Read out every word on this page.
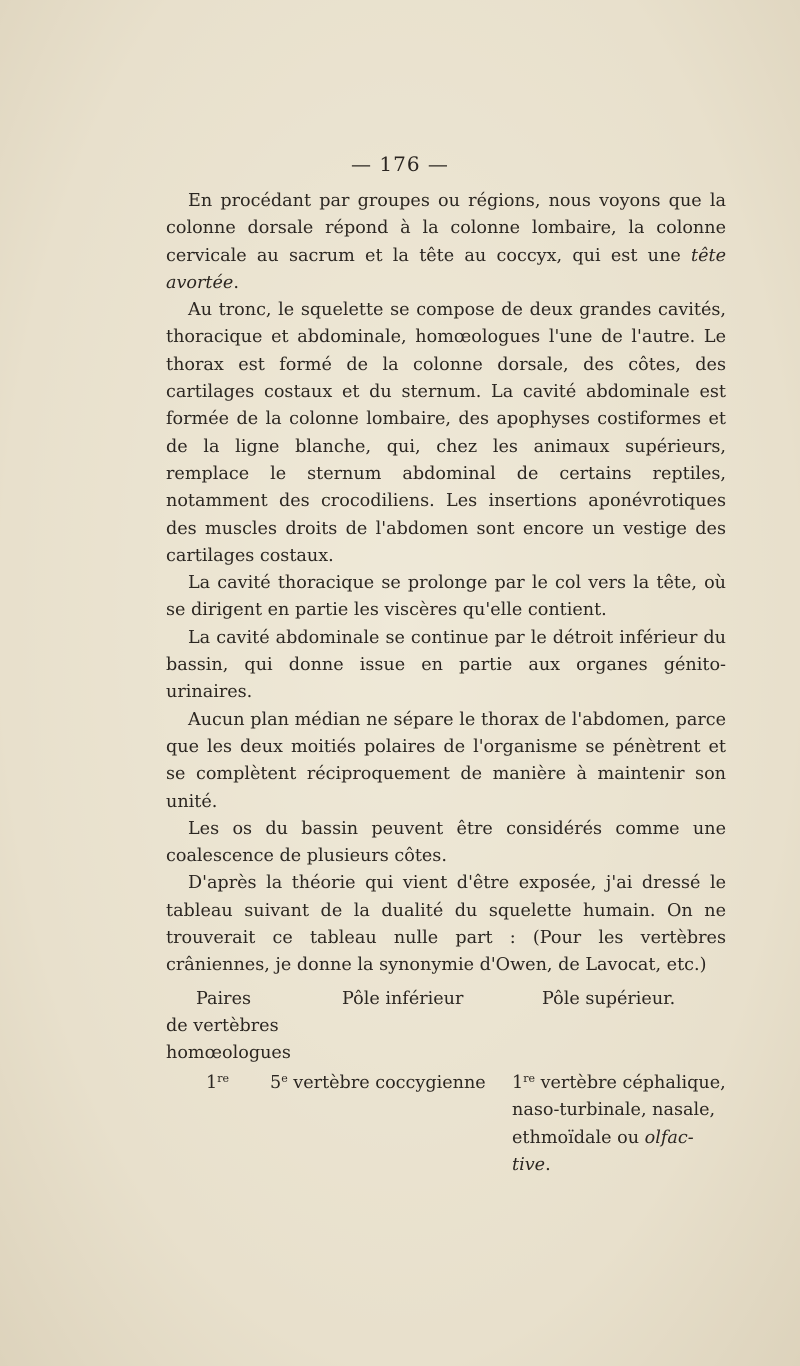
— 176 —

En procédant par groupes ou régions, nous voyons que la colonne dorsale répond à la colonne lombaire, la colonne cervicale au sacrum et la tête au coccyx, qui est une tête avortée.

Au tronc, le squelette se compose de deux grandes cavités, thoracique et abdominale, homœologues l'une de l'autre. Le thorax est formé de la colonne dorsale, des côtes, des cartilages costaux et du sternum. La cavité abdominale est formée de la colonne lombaire, des apophyses costiformes et de la ligne blanche, qui, chez les animaux supérieurs, remplace le sternum abdominal de certains reptiles, notamment des crocodiliens. Les insertions aponévrotiques des muscles droits de l'abdomen sont encore un vestige des cartilages costaux.

La cavité thoracique se prolonge par le col vers la tête, où se dirigent en partie les viscères qu'elle contient.

La cavité abdominale se continue par le détroit inférieur du bassin, qui donne issue en partie aux organes génito-urinaires.

Aucun plan médian ne sépare le thorax de l'abdomen, parce que les deux moitiés polaires de l'organisme se pénètrent et se complètent réciproquement de manière à maintenir son unité.

Les os du bassin peuvent être considérés comme une coalescence de plusieurs côtes.

D'après la théorie qui vient d'être exposée, j'ai dressé le tableau suivant de la dualité du squelette humain. On ne trouverait ce tableau nulle part : (Pour les vertèbres crâniennes, je donne la synonymie d'Owen, de Lavocat, etc.)

Paires
de vertèbres
homœologues
Pôle inférieur	Pôle supérieur.
1re 5e vertèbre coccygienne 1re vertèbre céphalique,
naso-turbinale, nasale,
ethmoïdale ou olfac-
tive.
